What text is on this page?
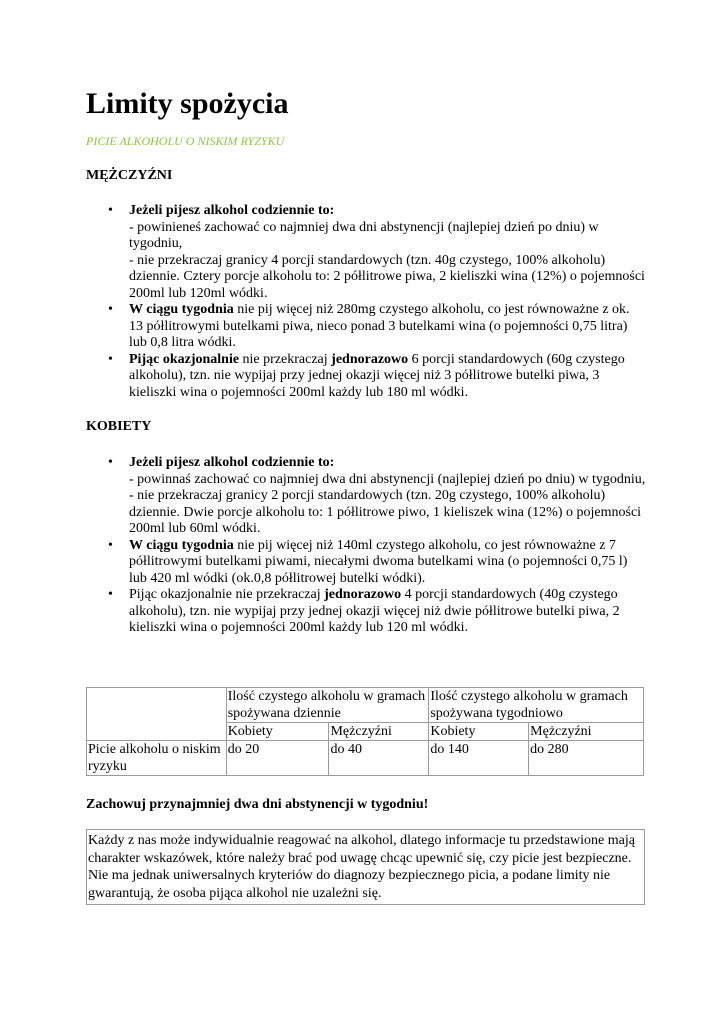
Limity spożycia

PICIE ALKOHOLU O NISKIM RYZYKU

MĘŻCZYŹNI

• Jeżeli pijesz alkohol codziennie to:
- powinieneś zachować co najmniej dwa dni abstynencji (najlepiej dzień po dniu) w tygodniu,
- nie przekraczaj granicy 4 porcji standardowych (tzn. 40g czystego, 100% alkoholu) dziennie. Cztery porcje alkoholu to: 2 półlitrowe piwa, 2 kieliszki wina (12%) o pojemności 200ml lub 120ml wódki.
• W ciągu tygodnia nie pij więcej niż 280mg czystego alkoholu, co jest równoważne z ok. 13 półlitrowymi butelkami piwa, nieco ponad 3 butelkami wina (o pojemności 0,75 litra) lub 0,8 litra wódki.
• Pijąc okazjonalnie nie przekraczaj jednorazowo 6 porcji standardowych (60g czystego alkoholu), tzn. nie wypijaj przy jednej okazji więcej niż 3 półlitrowe butelki piwa, 3 kieliszki wina o pojemności 200ml każdy lub 180 ml wódki.

KOBIETY

• Jeżeli pijesz alkohol codziennie to:
- powinnaś zachować co najmniej dwa dni abstynencji (najlepiej dzień po dniu) w tygodniu,
- nie przekraczaj granicy 2 porcji standardowych (tzn. 20g czystego, 100% alkoholu) dziennie. Dwie porcje alkoholu to: 1 półlitrowe piwo, 1 kieliszek wina (12%) o pojemności 200ml lub 60ml wódki.
• W ciągu tygodnia nie pij więcej niż 140ml czystego alkoholu, co jest równoważne z 7 półlitrowymi butelkami piwami, niecałymi dwoma butelkami wina (o pojemności 0,75 l) lub 420 ml wódki (ok.0,8 półlitrowej butelki wódki).
• Pijąc okazjonalnie nie przekraczaj jednorazowo 4 porcji standardowych (40g czystego alkoholu), tzn. nie wypijaj przy jednej okazji więcej niż dwie półlitrowe butelki piwa, 2 kieliszki wina o pojemności 200ml każdy lub 120 ml wódki.
	Ilość czystego alkoholu w gramach spożywana dziennie		Ilość czystego alkoholu w gramach spożywana tygodniowo	
	Kobiety	Mężczyźni	Kobiety	Mężczyźni
Picie alkoholu o niskim ryzyku	do 20	do 40	do 140	do 280

Zachowuj przynajmniej dwa dni abstynencji w tygodniu!

Każdy z nas może indywidualnie reagować na alkohol, dlatego informacje tu przedstawione mają charakter wskazówek, które należy brać pod uwagę chcąc upewnić się, czy picie jest bezpieczne. Nie ma jednak uniwersalnych kryteriów do diagnozy bezpiecznego picia, a podane limity nie gwarantują, że osoba pijąca alkohol nie uzależni się.
